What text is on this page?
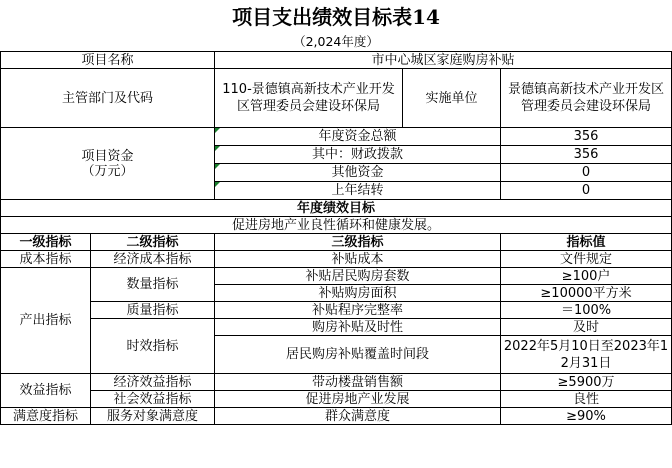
项目支出绩效目标表14
（2,024年度）
项目名称		市中心城区家庭购房补贴		
主管部门及代码		110-景德镇高新技术产业开发区管理委员会建设环保局	实施单位	景德镇高新技术产业开发区管理委员会建设环保局

项目资金
（万元）		年度资金总额		356
		其中：财政拨款		356
		其他资金		0
		上年结转		0
年度绩效目标				
促进房地产业良性循环和健康发展。				
一级指标	二级指标	三级指标		指标值
成本指标	经济成本指标	补贴成本		文件规定
产出指标	数量指标	补贴居民购房套数		≥100户
		补贴购房面积		≥10000平方米
	质量指标	补贴程序完整率		＝100%
	时效指标	购房补贴及时性		及时
		居民购房补贴覆盖时间段		2022年5月10日至2023年12月31日

效益指标	经济效益指标	带动楼盘销售额		≥5900万
	社会效益指标	促进房地产业发展		良性
满意度指标	服务对象满意度	群众满意度		≥90%
